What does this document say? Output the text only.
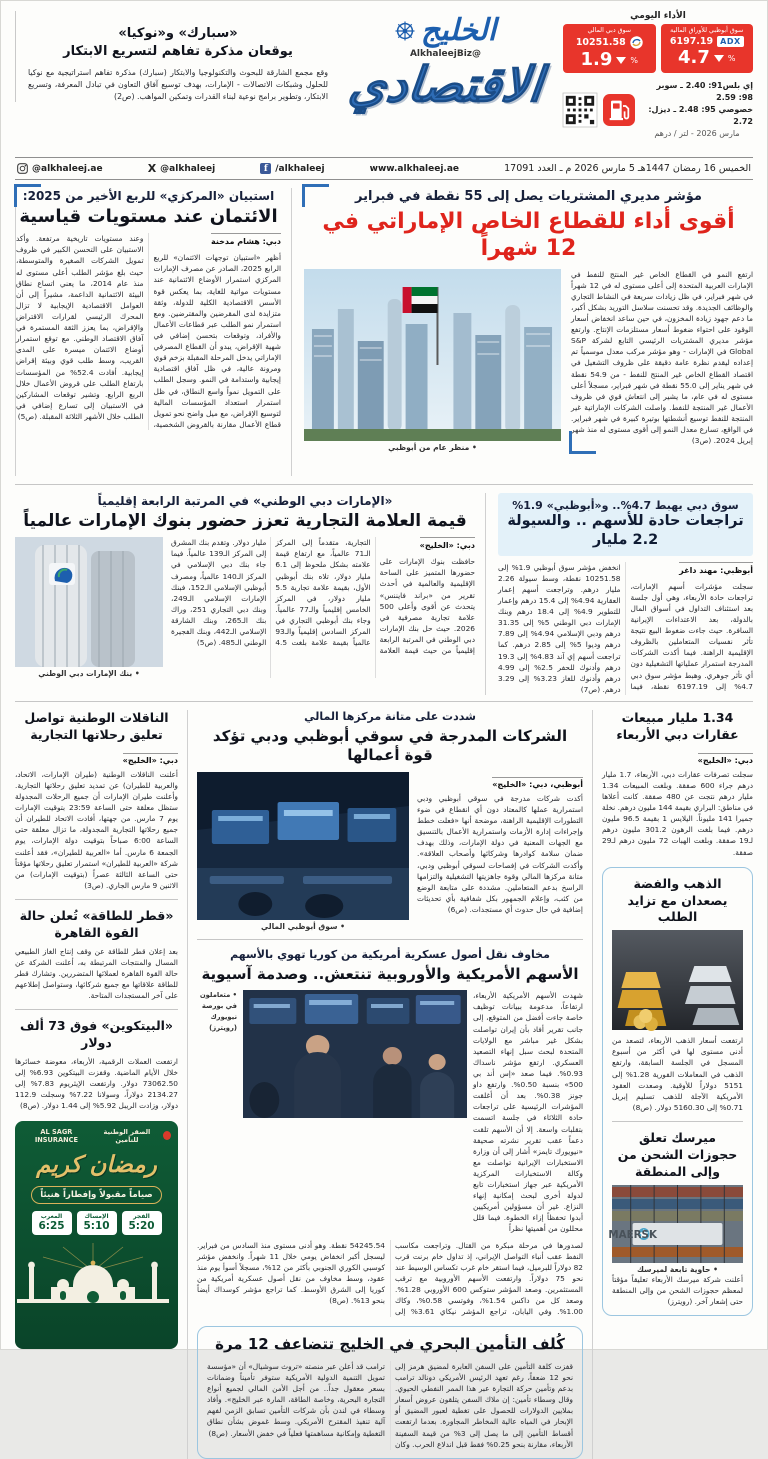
الأداء اليومي
سوق أبوظبي للأوراق المالية
ADX
6197.19
%
4.7
سوق دبي المالي
10251.58
%
1.9
إي بلس91: 2.40 ـ سوبر 98: 2.59
خصوصي 95: 2.48 ـ ديزل: 2.72
مارس 2026 - لتر / درهم
الخليج
@AlkhaleejBiz
الاقتصادي
«سبارك» و«نوكيا»
يوقعان مذكرة تفاهم لتسريع الابتكار
وقع مجمع الشارقة للبحوث والتكنولوجيا والابتكار (سبارك) مذكرة تفاهم استراتيجية مع نوكيا للحلول وشبكات الاتصالات - الإمارات، بهدف توسيع آفاق التعاون في تبادل المعرفة، وتسريع الابتكار، وتطوير برامج نوعية لبناء القدرات وتمكين المواهب. (ص2)
@alkhaleej.ae	X @alkhaleej	f /alkhaleej	www.alkhaleej.ae	الخميس 16 رمضان 1447هـ 5 مارس 2026 م ـ العدد 17091
مؤشر مديري المشتريات يصل إلى 55 نقطة في فبراير
أقوى أداء للقطاع الخاص الإماراتي في 12 شهراً
ارتفع النمو في القطاع الخاص غير المنتج للنفط في الإمارات العربية المتحدة إلى أعلى مستوى له في 12 شهراً في شهر فبراير، في ظل زيادات سريعة في النشاط التجاري والوظائف الجديدة. وقد تحسنت سلاسل التوريد بشكل أكبر، ما دعم جهود زيادة المخزون، في حين ساعد انخفاض أسعار الوقود على احتواء ضغوط أسعار مستلزمات الإنتاج. وارتفع مؤشر مديري المشتريات الرئيسي التابع لشركة S&P Global في الإمارات - وهو مؤشر مركب معدل موسمياً تم إعداده ليقدم نظرة عامة دقيقة على ظروف التشغيل في اقتصاد القطاع الخاص غير المنتج للنفط - من 54.9 نقطة في شهر يناير إلى 55.0 نقطة في شهر فبراير، مسجلاً أعلى مستوى له في عام، ما يشير إلى انتعاش قوي في ظروف الأعمال غير المنتجة للنفط. واصلت الشركات الإماراتية غير المنتجة للنفط توسيع أنشطتها بوتيرة كبيرة في شهر فبراير. في الواقع، تسارع معدل النمو إلى أقوى مستوى له منذ شهر إبريل 2024. (ص3)
• منظر عام من أبوظبي
استبيان «المركزي» للربع الأخير من 2025:
الائتمان عند مستويات قياسية
دبي: هشام مدخنة
أظهر «استبيان توجهات الائتمان» للربع الرابع 2025، الصادر عن مصرف الإمارات المركزي استمرار الأوضاع الائتمانية عند مستويات مواتية للغاية، بما يعكس قوة الأسس الاقتصادية الكلية للدولة، وثقة متزايدة لدى المقرضين والمقترضين. ومع استمرار نمو الطلب عبر قطاعات الأعمال والأفراد، وتوقعات بتحسن إضافي في شهية الإقراض، يبدو أن القطاع المصرفي الإماراتي يدخل المرحلة المقبلة بزخم قوي ومرونة عالية، في ظل آفاق اقتصادية إيجابية واستدامة في النمو. وسجل الطلب على التمويل نمواً واسع النطاق، في ظل استمرار استعداد المؤسسات المالية لتوسيع الإقراض، مع ميل واضح نحو تمويل قطاع الأعمال مقارنة بالقروض الشخصية، وعند مستويات تاريخية مرتفعة. وأكد الاستبيان على التحسن الكبير في ظروف تمويل الشركات الصغيرة والمتوسطة، حيث بلغ مؤشر الطلب أعلى مستوى له منذ عام 2014، ما يعني اتساع نطاق البيئة الائتمانية الداعمة، مشيراً إلى أن العوامل الاقتصادية الإيجابية لا تزال المحرك الرئيسي لقرارات الاقتراض والإقراض، بما يعزز الثقة المستمرة في آفاق الاقتصاد الوطني. مع توقع استمرار أوضاع الائتمان ميسرة على المدى القريب، وسط طلب قوي وبيئة إقراض إيجابية. أفادت 52.4% من المؤسسات بارتفاع الطلب على قروض الأعمال خلال الربع الرابع. وتشير توقعات المشاركين في الاستبيان إلى تسارع إضافي في الطلب خلال الأشهر الثلاثة المقبلة. (ص5)
سوق دبي يهبط 4.7%.. و«أبوظبي» 1.9%
تراجعات حادة للأسهم .. والسيولة 2.2 مليار
أبوظبي: مهند داغر
سجلت مؤشرات أسهم الإمارات، تراجعات حادة الأربعاء، وهي أول جلسة بعد استئناف التداول في أسواق المال بالدولة، بعد الاعتداءات الإيرانية السافرة. حيث جاءت ضغوط البيع نتيجة تأثر نفسيات المتعاملين بالظروف الإقليمية الراهنة. فيما أكدت الشركات المدرجة استمرار عملياتها التشغيلية دون أي تأثر جوهري. وهبط مؤشر سوق دبي 4.7% إلى 6197.19 نقطة، فيما انخفض مؤشر سوق أبوظبي 1.9% إلى 10251.58 نقطة، وسط سيولة 2.26 مليار درهم. وتراجعت أسهم إعمار العقارية 4.94% إلى 15.4 درهم وإعمار للتطوير 4.9% إلى 18.4 درهم وبنك الإمارات دبي الوطني 5% إلى 31.35 درهم ودبي الإسلامي 4.94% إلى 7.89 درهم وديوا 5% إلى 2.85 درهم. كما تراجعت أسهم إي آند 4.83% إلى 19.3 درهم وأدنوك للحفر 2.5% إلى 4.99 درهم وأدنوك للغاز 3.23% إلى 3.29 درهم. (ص7)
«الإمارات دبي الوطني» في المرتبة الرابعة إقليمياً
قيمة العلامة التجارية تعزز حضور بنوك الإمارات عالمياً
دبي: «الخليج»
حافظت بنوك الإمارات على حضورها المتميز على الساحة الإقليمية والعالمية في أحدث تقرير من «براند فايننس» يتحدث عن أقوى وأعلى 500 علامة تجارية مصرفية في 2026. حيث حل بنك الإمارات دبي الوطني في المرتبة الرابعة إقليمياً من حيث قيمة العلامة التجارية، متقدماً إلى المركز الـ71 عالمياً، مع ارتفاع قيمة علامته بشكل ملحوظ إلى 6.1 مليار دولار، تلاه بنك أبوظبي الأول، بقيمة علامة تجارية 5.5 مليار دولار، في المركز الخامس إقليمياً والـ77 عالمياً. وجاء بنك أبوظبي التجاري في المركز السادس إقليمياً والـ93 عالمياً بقيمة علامة بلغت 4.5 مليار دولار. وتقدم بنك المشرق إلى المركز الـ139 عالمياً. فيما جاء بنك دبي الإسلامي في المركز الـ140 عالمياً، ومصرف أبوظبي الإسلامي الـ152، فبنك الإمارات الإسلامي الـ249، وبنك دبي التجاري 251، وراك بنك الـ265، وبنك الشارقة الإسلامي الـ442، وبنك الفجيرة الوطني الـ485. (ص5)
• بنك الإمارات دبي الوطني
1.34 مليار مبيعات عقارات دبي الأربعاء
دبي: «الخليج»
سجلت تصرفات عقارات دبي، الأربعاء، 1.7 مليار درهم جراء 600 صفقة. وبلغت المبيعات 1.34 مليار درهم نتجت عن 480 صفقة. كانت أعلاها في مناطق: البراري بقيمة 144 مليون درهم. نخلة جميرا 141 مليوناً. اليلايس 1 بقيمة 96.5 مليون درهم. فيما بلغت الرهون 301.2 مليون درهم لـ19 صفقة. وبلغت الهبات 72 مليون درهم لـ29 صفقة.
الذهب والفضة يصعدان مع تزايد الطلب
ارتفعت أسعار الذهب الأربعاء، لتصعد من أدنى مستوى لها في أكثر من أسبوع المسجل في الجلسة السابقة، وارتفع الذهب في المعاملات الفورية 1.28% إلى 5151 دولاراً للأوقية. وصعدت العقود الأمريكية الآجلة للذهب تسليم إبريل 0.71% إلى 5160.30 دولار. (ص8)
ميرسك تعلق حجوزات الشحن من وإلى المنطقة
MAERSK
• حاوية تابعة لميرسك
أعلنت شركة ميرسك الأربعاء تعليقاً مؤقتاً لمعظم حجوزات الشحن من وإلى المنطقة حتى إشعار آخر. (رويترز)
شددت على متانة مركزها المالي
الشركات المدرجة في سوقي أبوظبي ودبي تؤكد قوة أعمالها
أبوظبي، دبي: «الخليج»
أكدت شركات مدرجة في سوقي أبوظبي ودبي استمرارية عملها كالمعتاد دون أي انقطاع في ضوء التطورات الإقليمية الراهنة، موضحة أنها «فعلت خطط وإجراءات إدارة الأزمات واستمرارية الأعمال بالتنسيق مع الجهات المعنية في دولة الإمارات، وذلك بهدف ضمان سلامة كوادرها وشركائها وأصحاب العلاقة». وأكدت الشركات في إفصاحات لسوقي أبوظبي ودبي، متانة مركزها المالي وقوة جاهزيتها التشغيلية والتزامها الراسخ بدعم المتعاملين. مشددة على متابعة الوضع من كثب، وإعلام الجمهور بكل شفافية بأي تحديثات إضافية في حال حدوث أي مستجدات. (ص6)
• سوق أبوظبي المالي
مخاوف نقل أصول عسكرية أمريكية من كوريا تهوي بالأسهم
الأسهم الأمريكية والأوروبية تنتعش.. وصدمة آسيوية
شهدت الأسهم الأمريكية الأربعاء، ارتفاعاً، مدعومة ببيانات توظيف خاصة جاءت أفضل من المتوقع، إلى جانب تقرير أفاد بأن إيران تواصلت بشكل غير مباشر مع الولايات المتحدة لبحث سبل إنهاء التصعيد العسكري. ارتفع مؤشر ناسداك 0.93%. فيما صعد «إس أند بي 500» بنسبة 0.50%. وارتفع داو جونز 0.38%. بعد أن أغلقت المؤشرات الرئيسية على تراجعات حادة الثلاثاء في جلسة اتسمت بتقلبات واسعة. إلا أن الأسهم تلقت دعماً عقب تقرير نشرته صحيفة «نيويورك تايمز» أشار إلى أن وزارة الاستخبارات الإيرانية تواصلت مع وكالة الاستخبارات المركزية الأمريكية عبر جهاز استخبارات تابع لدولة أخرى لبحث إمكانية إنهاء النزاع. غير أن مسؤولين أمريكيين أبدوا تحفظاً إزاء الخطوة. فيما قلل محللون من أهميتها نظراً
• متعاملون في بورصة نيويورك (رويترز)
لصدورها في مرحلة مبكرة من القتال. وتراجعت مكاسب النفط عقب أنباء التواصل الإيراني، إذ تداول خام برنت قرب 82 دولاراً للبرميل، فيما استقر خام غرب تكساس الوسيط عند نحو 75 دولاراً. وارتفعت الأسهم الأوروبية مع ترقب المستثمرين. وصعد المؤشر ستوكس 600 الأوروبي 1.28%. وصعد كل من داكس 1.54%، وفوتسي 0.58%، وكاك 1.00%. وفي اليابان، تراجع المؤشر نيكاي 3.61% إلى 54245.54 نقطة. وهو أدنى مستوى منذ السادس من فبراير. ليسجل أكبر انخفاض يومي خلال 11 شهراً. وانخفض مؤشر كوسبي الكوري الجنوبي بأكثر من 12%، مسجلاً أسوأ يوم منذ عقود، وسط مخاوف من نقل أصول عسكرية أمريكية من كوريا إلى الشرق الأوسط. كما تراجع مؤشر كوسداك أيضاً بنحو 13%. (ص8)
كُلف التأمين البحري في الخليج تتضاعف 12 مرة
قفزت كلفة التأمين على السفن العابرة لمضيق هرمز إلى نحو 12 ضعفاً، رغم تعهد الرئيس الأمريكي دونالد ترامب بدعم وتأمين حركة التجارة عبر هذا الممر النفطي الحيوي. وقال وسطاء تأمين: إن ملاك السفن يتلقون عروض أسعار بملايين الدولارات للحصول على تغطية لعبور المضيق أو الإبحار في المياه عالية المخاطر المجاورة. بعدما ارتفعت أقساط التأمين إلى ما يصل إلى 3% من قيمة السفينة الأربعاء، مقارنة بنحو 0.25% فقط قبل اندلاع الحرب. وكان ترامب قد أعلن عبر منصته «تروث سوشيال» أن «مؤسسة تمويل التنمية الدولية الأمريكية ستوفر تأميناً وضمانات بسعر معقول جداً.. من أجل الأمن المالي لجميع أنواع التجارة البحرية، وخاصة الطاقة، المارة عبر الخليج». وأفاد وسطاء في لندن بأن شركات التأمين تسابق الزمن لفهم آلية تنفيذ المقترح الأمريكي. وسط غموض بشأن نطاق التغطية وإمكانية مساهمتها فعلياً في خفض الأسعار. (ص8)
الناقلات الوطنية تواصل تعليق رحلاتها التجارية
دبي: «الخليج»
أعلنت الناقلات الوطنية (طيران الإمارات، الاتحاد، والعربية للطيران) عن تمديد تعليق رحلاتها التجارية. وأعلنت طيران الإمارات أن جميع الرحلات المجدولة ستظل معلقة حتى الساعة 23:59 بتوقيت الإمارات يوم 7 مارس. من جهتها، أفادت الاتحاد للطيران أن جميع رحلاتها التجارية المجدولة، ما تزال معلقة حتى الساعة 6:00 صباحاً بتوقيت دولة الإمارات، يوم الجمعة 6 مارس. أما «العربية للطيران»، فقد أعلنت شركة «العربية للطيران» استمرار تعليق رحلاتها مؤقتاً حتى الساعة الثالثة عصراً (بتوقيت الإمارات) من الاثنين 9 مارس الجاري. (ص3)
«قطر للطاقة» تُعلن حالة القوة القاهرة
بعد إعلان قطر للطاقة عن وقف إنتاج الغاز الطبيعي المسال والمنتجات المرتبطة به، أعلنت الشركة عن حالة القوة القاهرة لعملائها المتضررين. وتشارك قطر للطاقة علاقاتها مع جميع شركائها، وستواصل إطلاعهم على آخر المستجدات المتاحة.
«البيتكوين» فوق 73 ألف دولار
ارتفعت العملات الرقمية، الأربعاء، معوضة خسائرها خلال الأيام الماضية. وقفزت البيتكوين 6.93% إلى 73062.50 دولار. وارتفعت الإيثريوم 7.83% إلى 2134.27 دولاراً، وسولانا 7.22% وسجلت 112.9 دولار، وزادت الريبل 5.92% إلى 1.44 دولار. (ص8)
الصقر الوطنية للتأمين
AL SAGR INSURANCE
رمضان كريم
صياماً مقبولاً وإفطاراً هنيئاً
الفجر
5:20
الإمساك
5:10
المغرب
6:25
